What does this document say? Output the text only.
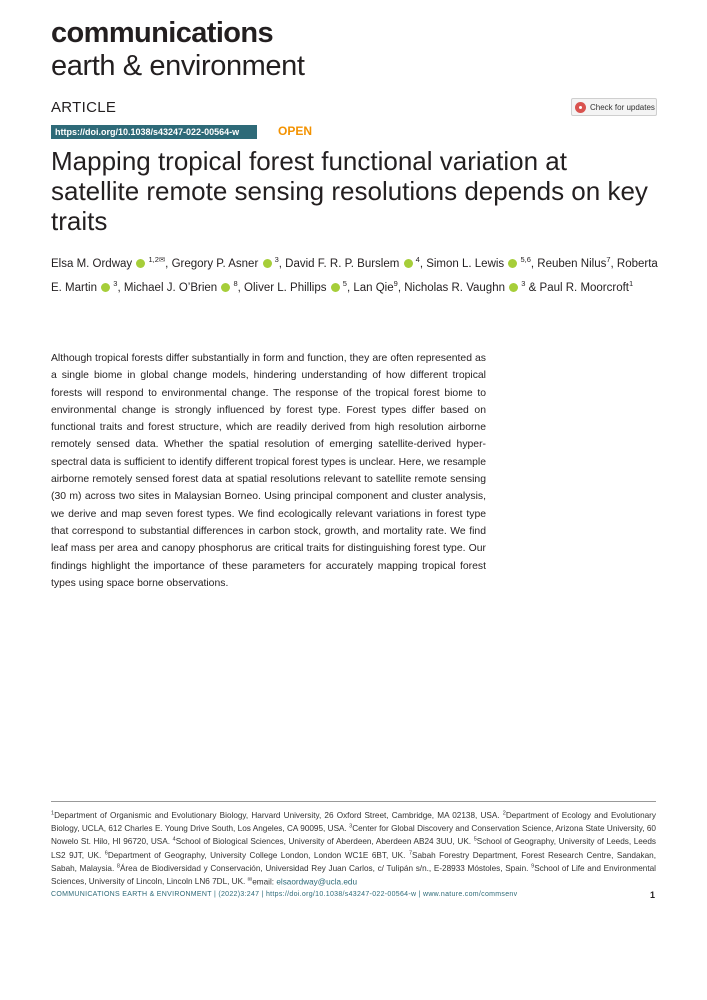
communications
earth & environment
ARTICLE	Check for updates
https://doi.org/10.1038/s43247-022-00564-w	OPEN
Mapping tropical forest functional variation at satellite remote sensing resolutions depends on key traits
Elsa M. Ordway  $^{1,2✉}$, Gregory P. Asner  $^3$, David F. R. P. Burslem  $^4$, Simon L. Lewis  $^{5,6}$, Reuben Nilus$^7$, Roberta E. Martin  $^3$, Michael J. O’Brien  $^8$, Oliver L. Phillips  $^5$, Lan Qie$^9$, Nicholas R. Vaughn  $^3$ & Paul R. Moorcroft$^1$

Although tropical forests differ substantially in form and function, they are often represented as a single biome in global change models, hindering understanding of how different tropical forests will respond to environmental change. The response of the tropical forest biome to environmental change is strongly influenced by forest type. Forest types differ based on functional traits and forest structure, which are readily derived from high resolution airborne remotely sensed data. Whether the spatial resolution of emerging satellite-derived hyper-spectral data is sufficient to identify different tropical forest types is unclear. Here, we resample airborne remotely sensed forest data at spatial resolutions relevant to satellite remote sensing (30 m) across two sites in Malaysian Borneo. Using principal component and cluster analysis, we derive and map seven forest types. We find ecologically relevant variations in forest type that correspond to substantial differences in carbon stock, growth, and mortality rate. We find leaf mass per area and canopy phosphorus are critical traits for distinguishing forest type. Our findings highlight the importance of these parameters for accurately mapping tropical forest types using space borne observations.

$^1$Department of Organismic and Evolutionary Biology, Harvard University, 26 Oxford Street, Cambridge, MA 02138, USA. $^2$Department of Ecology and Evolutionary Biology, UCLA, 612 Charles E. Young Drive South, Los Angeles, CA 90095, USA. $^3$Center for Global Discovery and Conservation Science, Arizona State University, 60 Nowelo St. Hilo, HI 96720, USA. $^4$School of Biological Sciences, University of Aberdeen, Aberdeen AB24 3UU, UK. $^5$School of Geography, University of Leeds, Leeds LS2 9JT, UK. $^6$Department of Geography, University College London, London WC1E 6BT, UK. $^7$Sabah Forestry Department, Forest Research Centre, Sandakan, Sabah, Malaysia. $^8$Área de Biodiversidad y Conservación, Universidad Rey Juan Carlos, c/ Tulipán s/n., E-28933 Móstoles, Spain. $^9$School of Life and Environmental Sciences, University of Lincoln, Lincoln LN6 7DL, UK. ✉email: elsaordway@ucla.edu
COMMUNICATIONS EARTH & ENVIRONMENT | (2022)3:247 | https://doi.org/10.1038/s43247-022-00564-w | www.nature.com/commsenv	1
